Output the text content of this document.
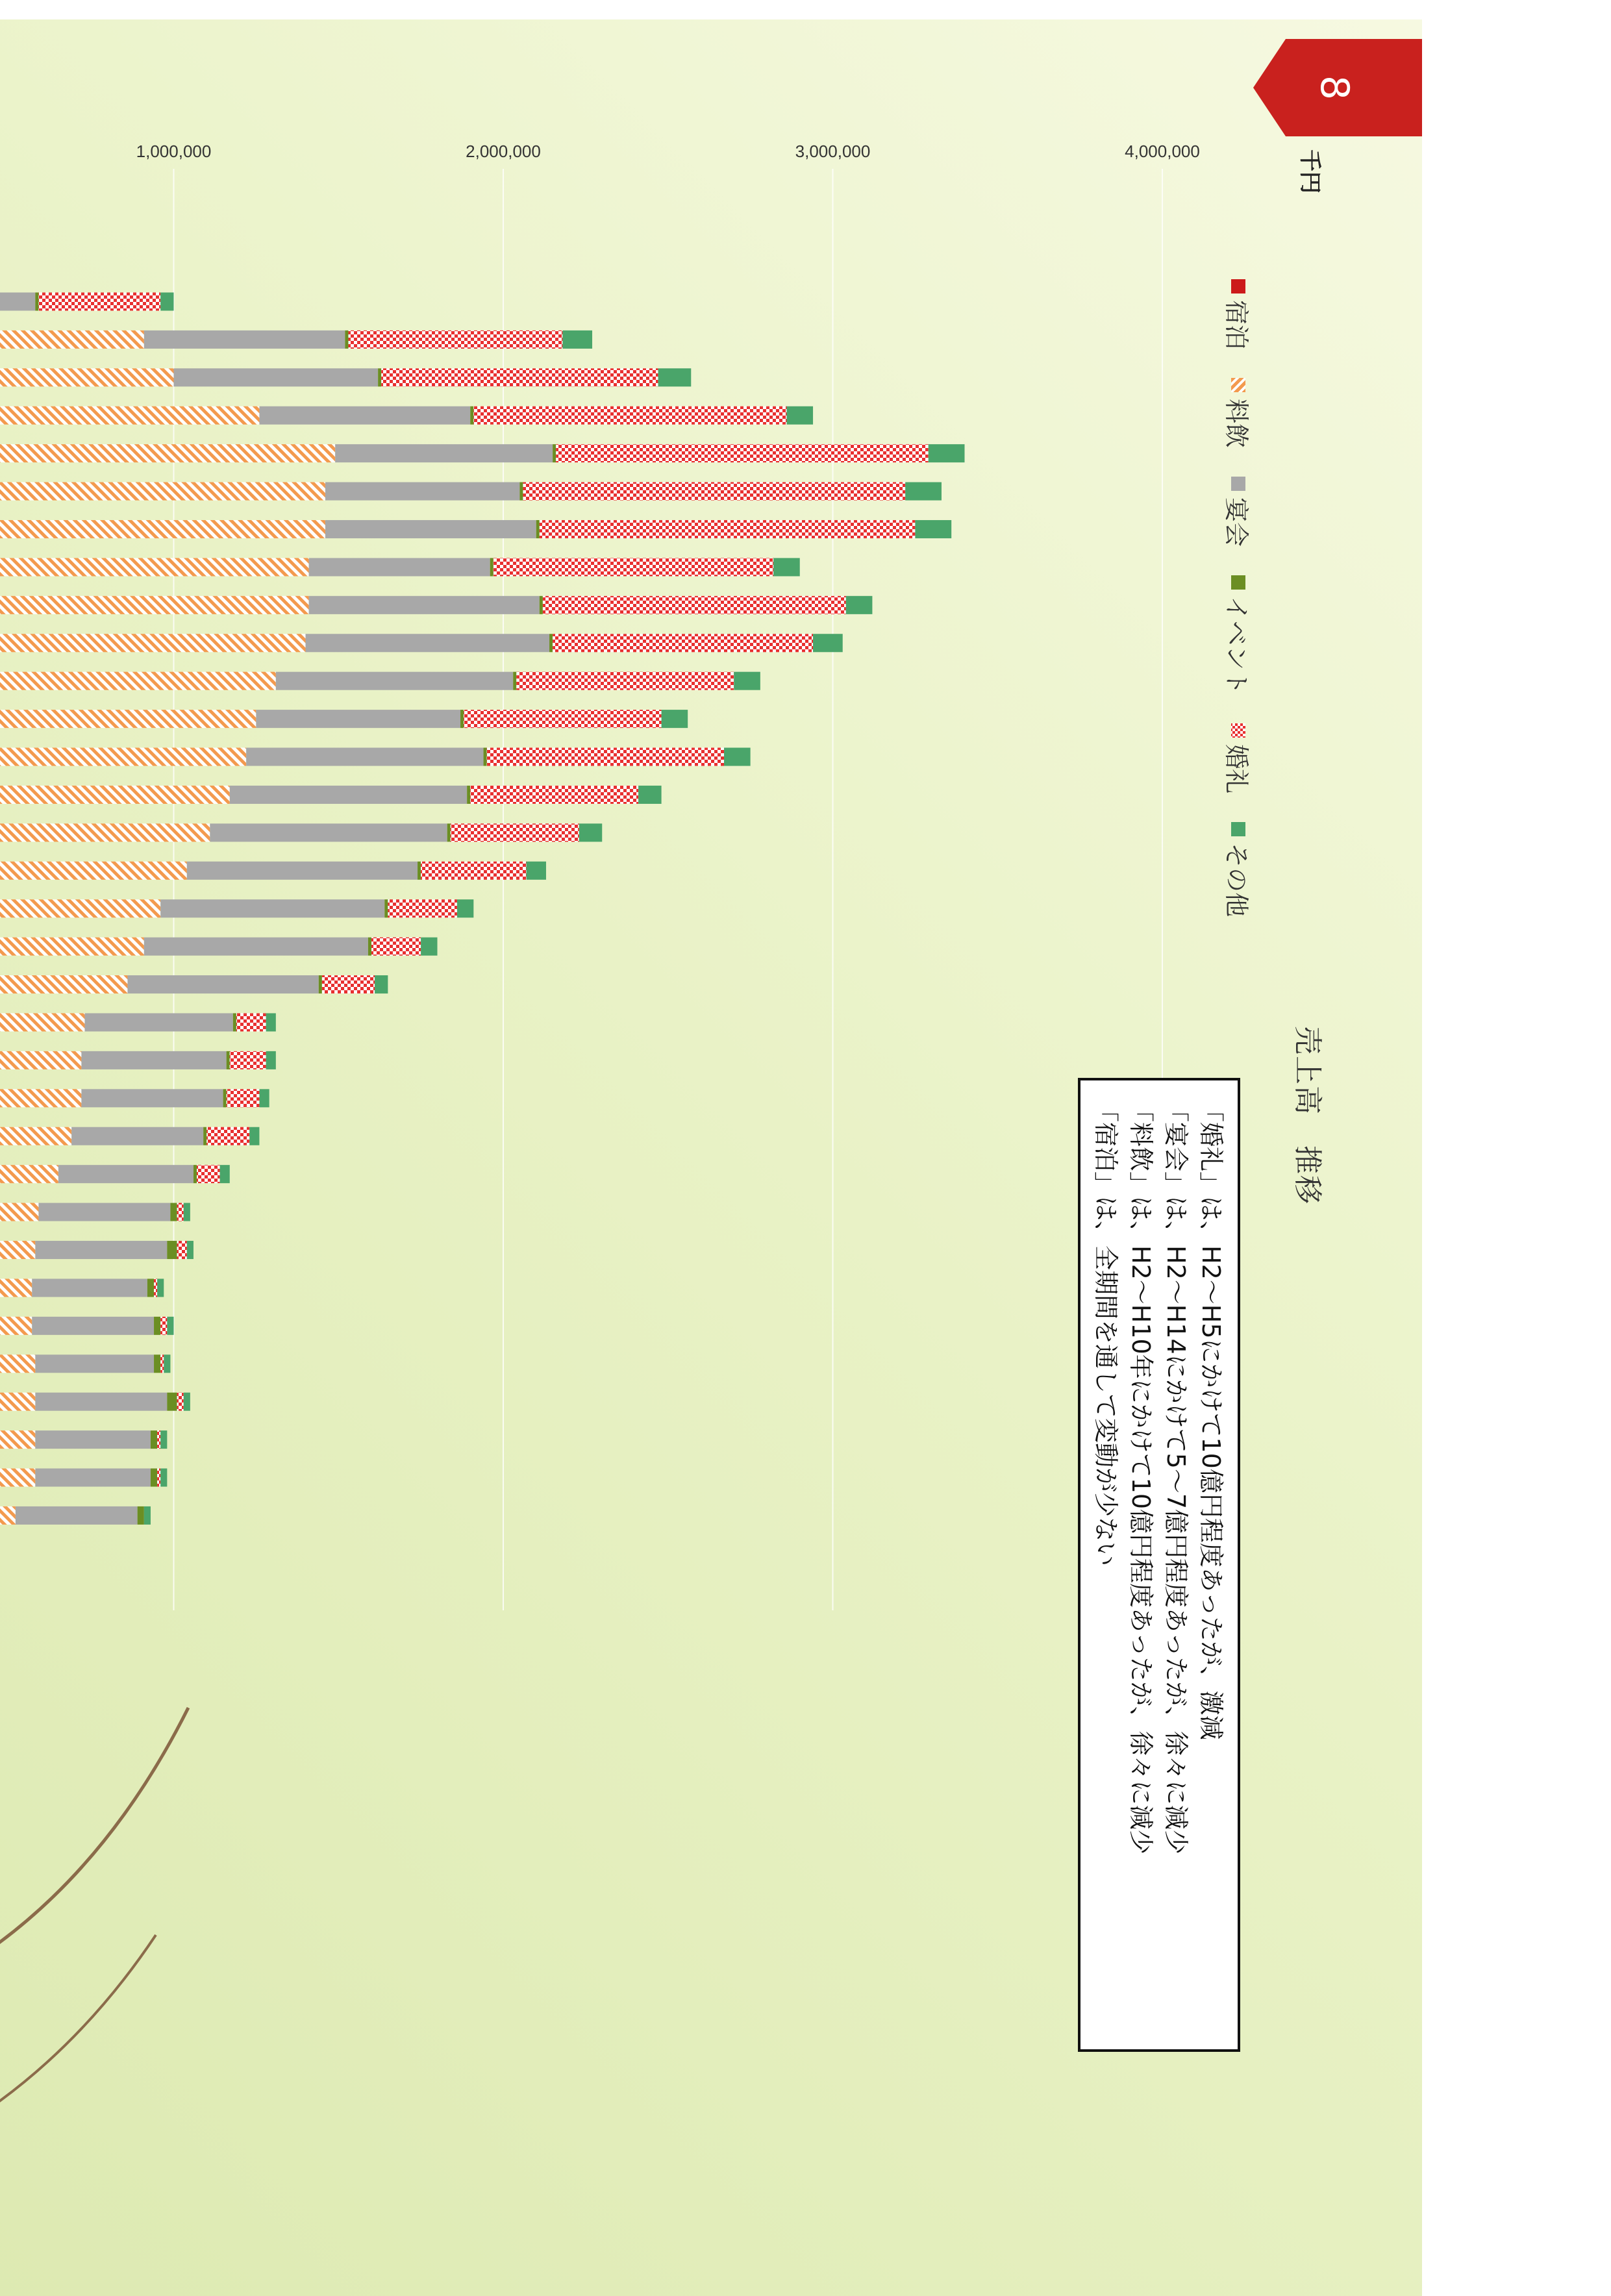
8
千円
売上高　推移
宿泊
料飲
宴会
イベント
婚礼
その他
1,000,000	2,000,000	3,000,000	4,000,000
「婚礼」は、H2～H5にかけて10億円程度あったが、激減
「宴会」は、H2～H14にかけて5～7億円程度あったが、徐々に減少
「料飲」は、H2～H10年にかけて10億円程度あったが、徐々に減少
「宿泊」は、全期間を通して変動が少ない
